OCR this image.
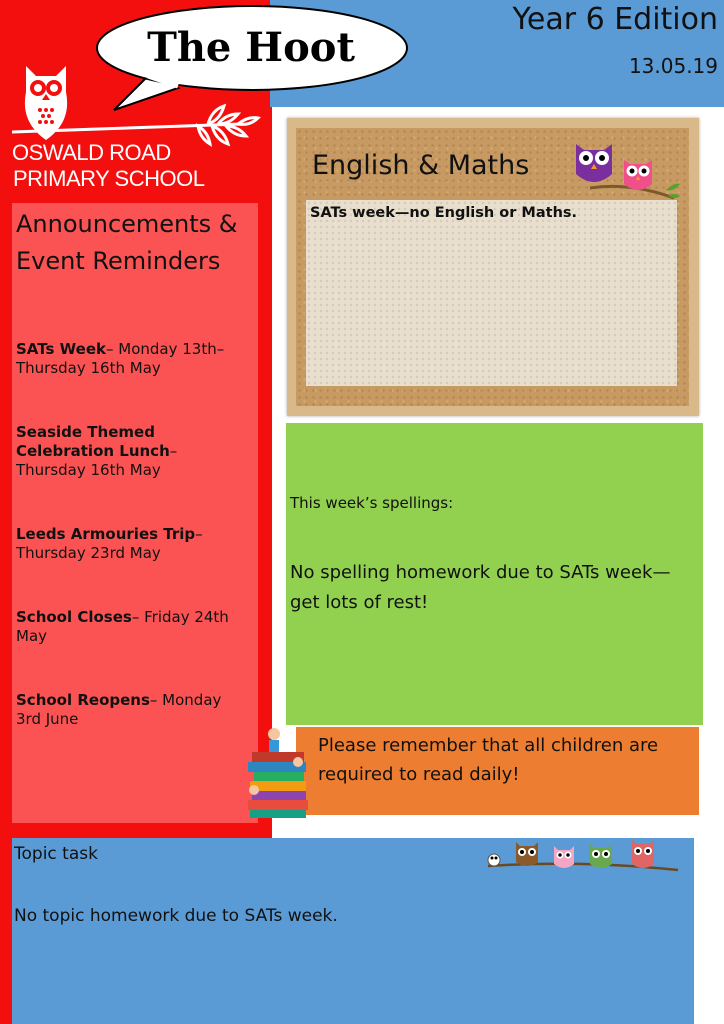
Year 6 Edition
13.05.19
The Hoot
OSWALD ROAD
PRIMARY SCHOOL
Announcements & Event Reminders
SATs Week– Monday 13th– Thursday 16th May
Seaside Themed Celebration Lunch– Thursday 16th May
Leeds Armouries Trip– Thursday 23rd May
School Closes– Friday 24th May
School Reopens– Monday 3rd June
English & Maths
SATs week—no English or Maths.
This week’s spellings:
No spelling homework due to SATs week— get lots of rest!
Please remember that all children are required to read daily!
Topic task
No topic homework due to SATs week.
